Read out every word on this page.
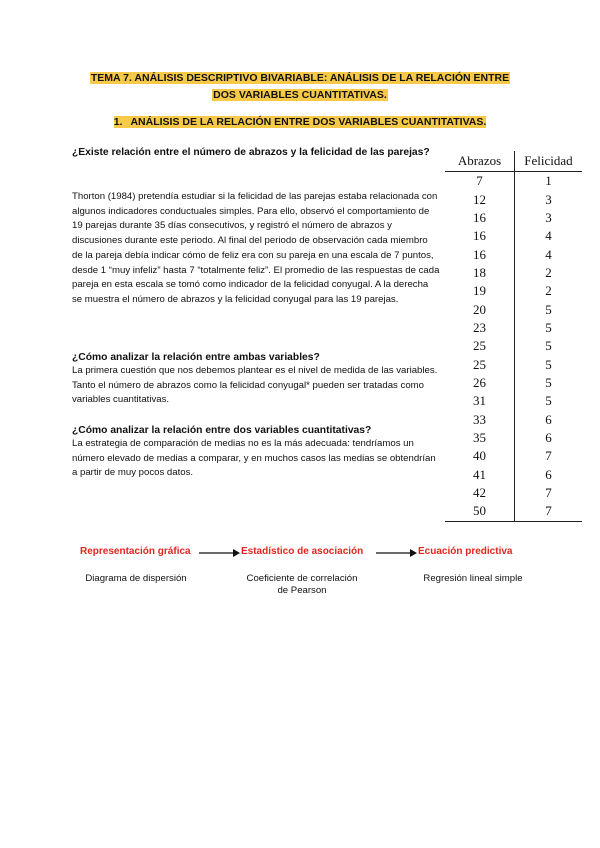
TEMA 7. ANÁLISIS DESCRIPTIVO BIVARIABLE: ANÁLISIS DE LA RELACIÓN ENTRE
DOS VARIABLES CUANTITATIVAS.
1. ANÁLISIS DE LA RELACIÓN ENTRE DOS VARIABLES CUANTITATIVAS.
¿Existe relación entre el número de abrazos y la felicidad de las parejas?
Thorton (1984) pretendía estudiar si la felicidad de las parejas estaba relacionada con algunos indicadores conductuales simples. Para ello, observó el comportamiento de 19 parejas durante 35 días consecutivos, y registró el número de abrazos y discusiones durante este periodo. Al final del periodo de observación cada miembro de la pareja debía indicar cómo de feliz era con su pareja en una escala de 7 puntos, desde 1 “muy infeliz” hasta 7 “totalmente feliz”. El promedio de las respuestas de cada pareja en esta escala se tomó como indicador de la felicidad conyugal. A la derecha se muestra el número de abrazos y la felicidad conyugal para las 19 parejas.
¿Cómo analizar la relación entre ambas variables?
La primera cuestión que nos debemos plantear es el nivel de medida de las variables. Tanto el número de abrazos como la felicidad conyugal* pueden ser tratadas como variables cuantitativas.
¿Cómo analizar la relación entre dos variables cuantitativas?
La estrategia de comparación de medias no es la más adecuada: tendríamos un número elevado de medias a comparar, y en muchos casos las medias se obtendrían a partir de muy pocos datos.
Abrazos	Felicidad
7	1
12	3
16	3
16	4
16	4
18	2
19	2
20	5
23	5
25	5
25	5
26	5
31	5
33	6
35	6
40	7
41	6
42	7
50	7
Representación gráfica	Estadístico de asociación	Ecuación predictiva
Diagrama de dispersión	Coeficiente de correlación
de Pearson
Regresión lineal simple
